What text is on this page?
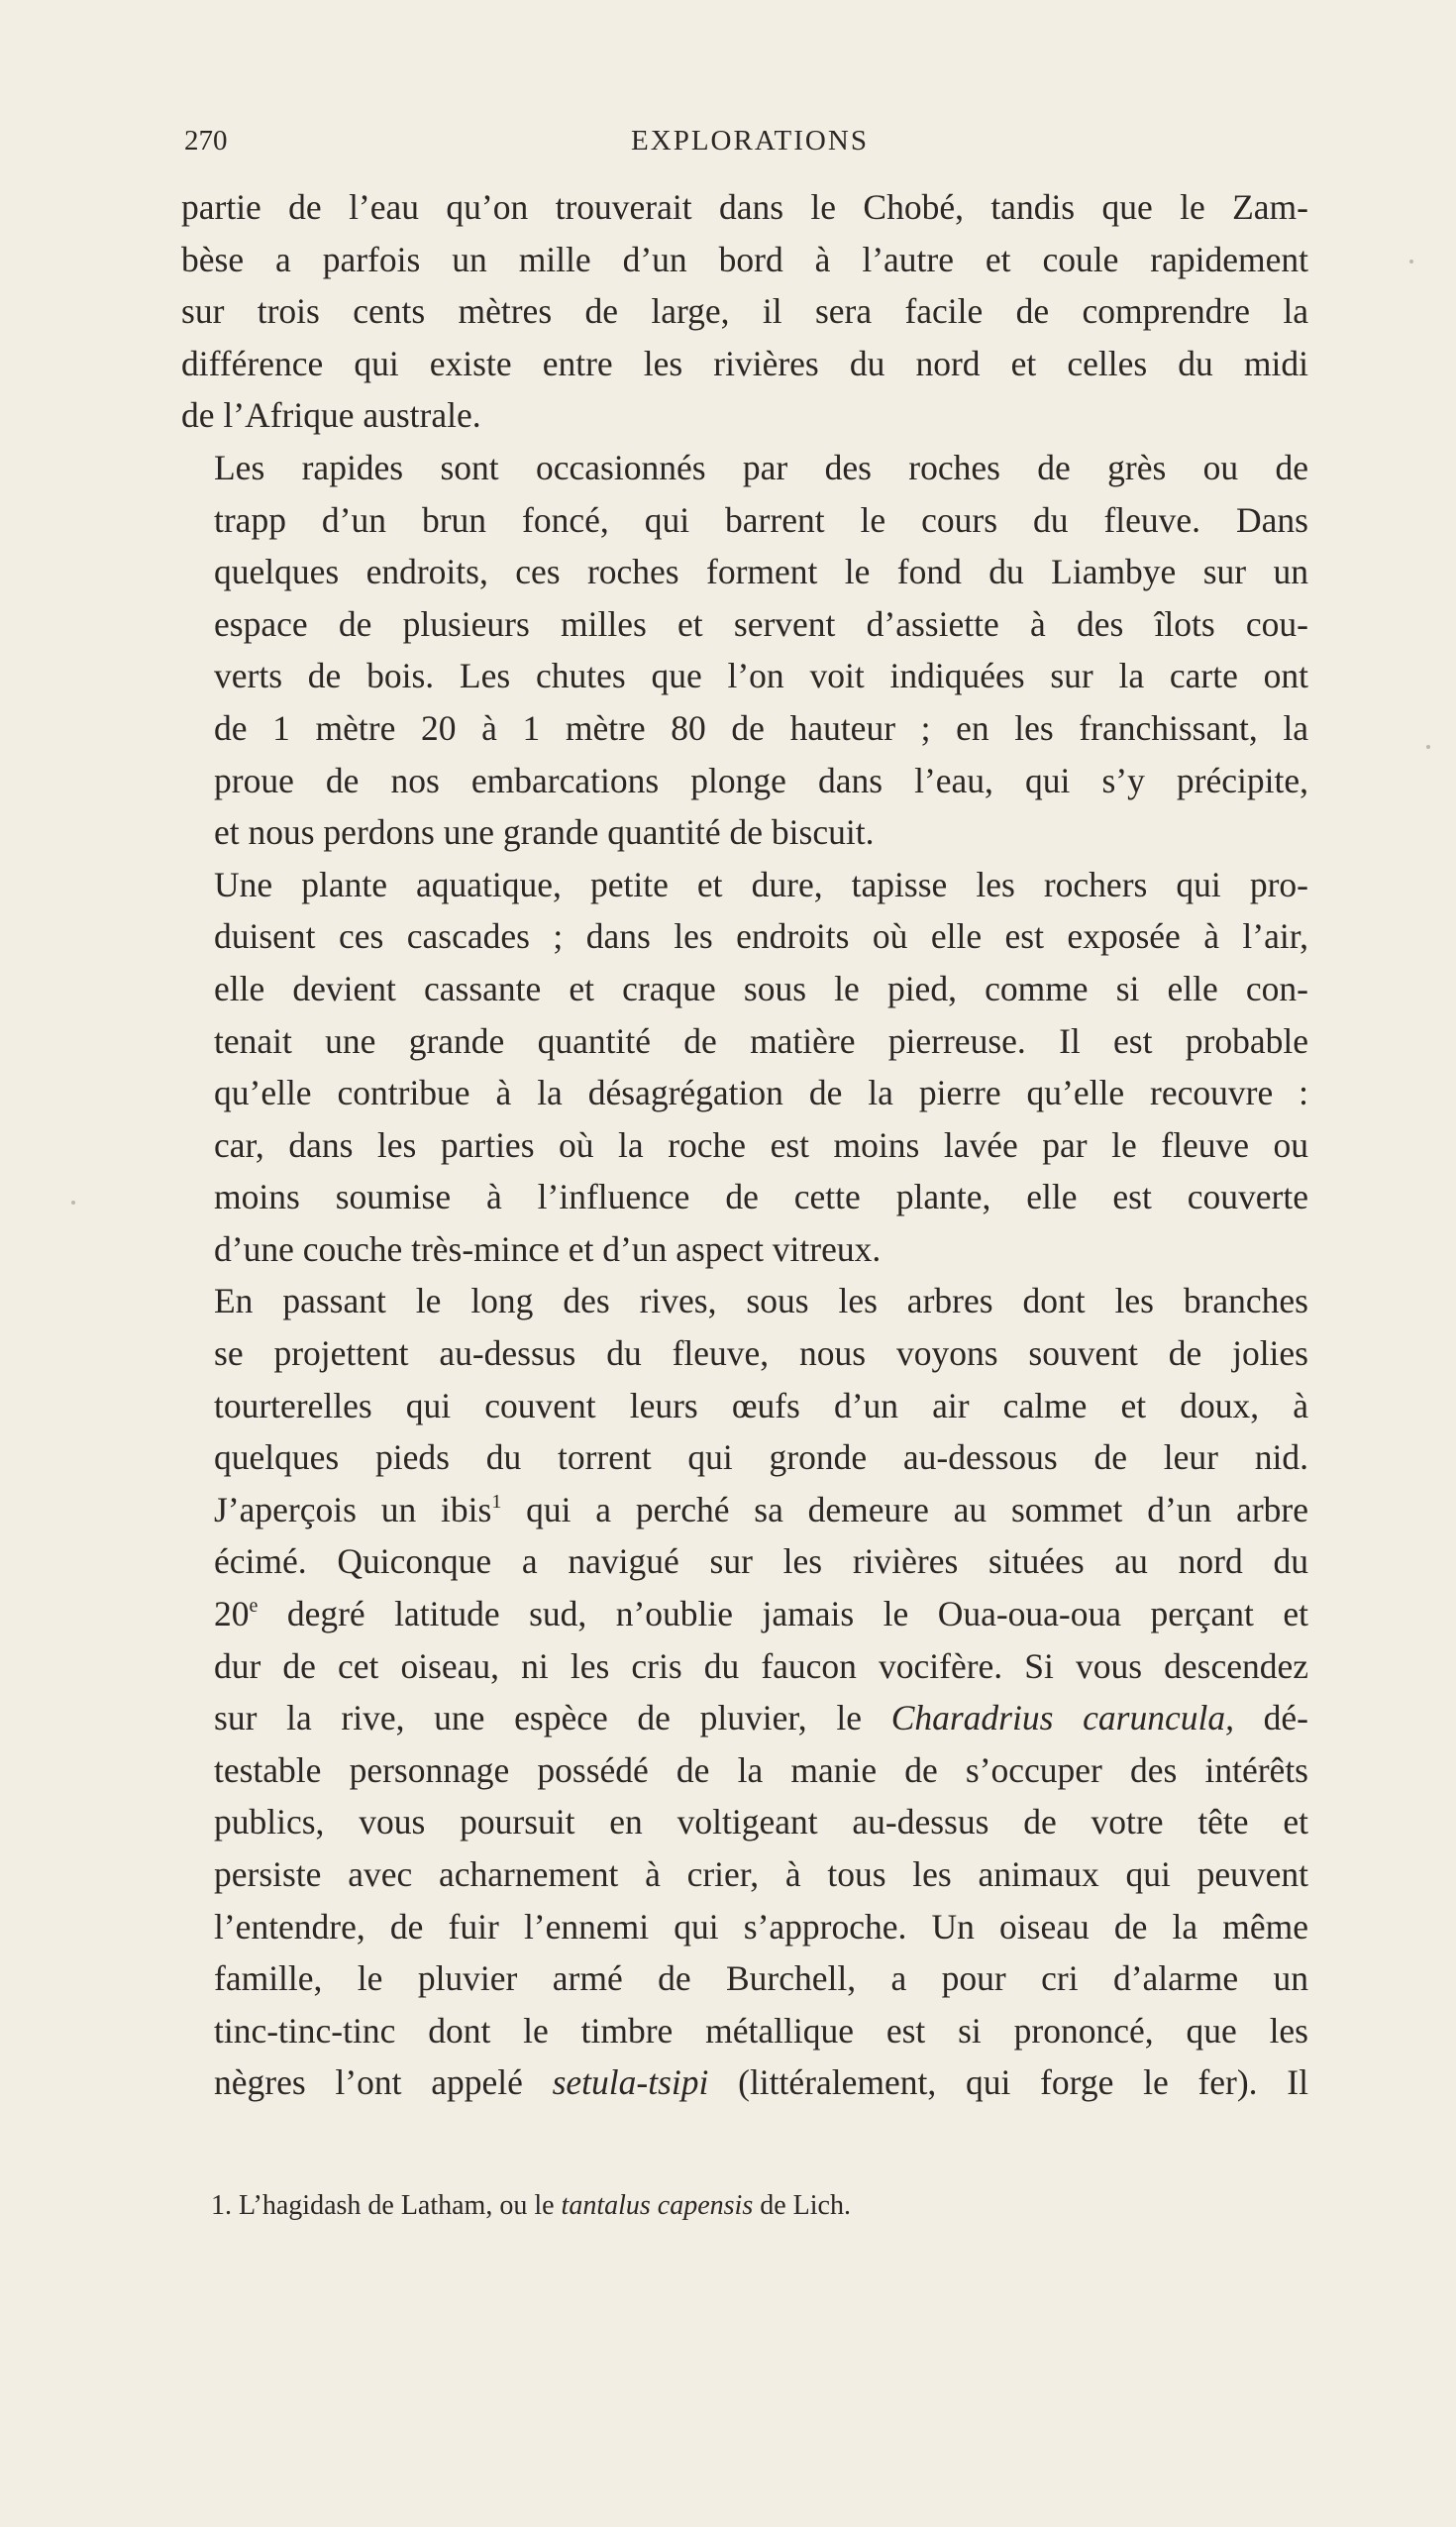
270	EXPLORATIONS

partie de l’eau qu’on trouverait dans le Chobé, tandis que le Zam-
bèse a parfois un mille d’un bord à l’autre et coule rapidement
sur trois cents mètres de large, il sera facile de comprendre la
différence qui existe entre les rivières du nord et celles du midi
de l’Afrique australe.

Les rapides sont occasionnés par des roches de grès ou de
trapp d’un brun foncé, qui barrent le cours du fleuve. Dans
quelques endroits, ces roches forment le fond du Liambye sur un
espace de plusieurs milles et servent d’assiette à des îlots cou-
verts de bois. Les chutes que l’on voit indiquées sur la carte ont
de 1 mètre 20 à 1 mètre 80 de hauteur ; en les franchissant, la
proue de nos embarcations plonge dans l’eau, qui s’y précipite,
et nous perdons une grande quantité de biscuit.

Une plante aquatique, petite et dure, tapisse les rochers qui pro-
duisent ces cascades ; dans les endroits où elle est exposée à l’air,
elle devient cassante et craque sous le pied, comme si elle con-
tenait une grande quantité de matière pierreuse. Il est probable
qu’elle contribue à la désagrégation de la pierre qu’elle recouvre :
car, dans les parties où la roche est moins lavée par le fleuve ou
moins soumise à l’influence de cette plante, elle est couverte
d’une couche très-mince et d’un aspect vitreux.

En passant le long des rives, sous les arbres dont les branches
se projettent au-dessus du fleuve, nous voyons souvent de jolies
tourterelles qui couvent leurs œufs d’un air calme et doux, à
quelques pieds du torrent qui gronde au-dessous de leur nid.
J’aperçois un ibis$^1$ qui a perché sa demeure au sommet d’un arbre
écimé. Quiconque a navigué sur les rivières situées au nord du
20e degré latitude sud, n’oublie jamais le Oua-oua-oua perçant et
dur de cet oiseau, ni les cris du faucon vocifère. Si vous descendez
sur la rive, une espèce de pluvier, le Charadrius caruncula, dé-
testable personnage possédé de la manie de s’occuper des intérêts
publics, vous poursuit en voltigeant au-dessus de votre tête et
persiste avec acharnement à crier, à tous les animaux qui peuvent
l’entendre, de fuir l’ennemi qui s’approche. Un oiseau de la même
famille, le pluvier armé de Burchell, a pour cri d’alarme un
tinc-tinc-tinc dont le timbre métallique est si prononcé, que les
nègres l’ont appelé setula-tsipi (littéralement, qui forge le fer). Il

1. L’hagidash de Latham, ou le tantalus capensis de Lich.
